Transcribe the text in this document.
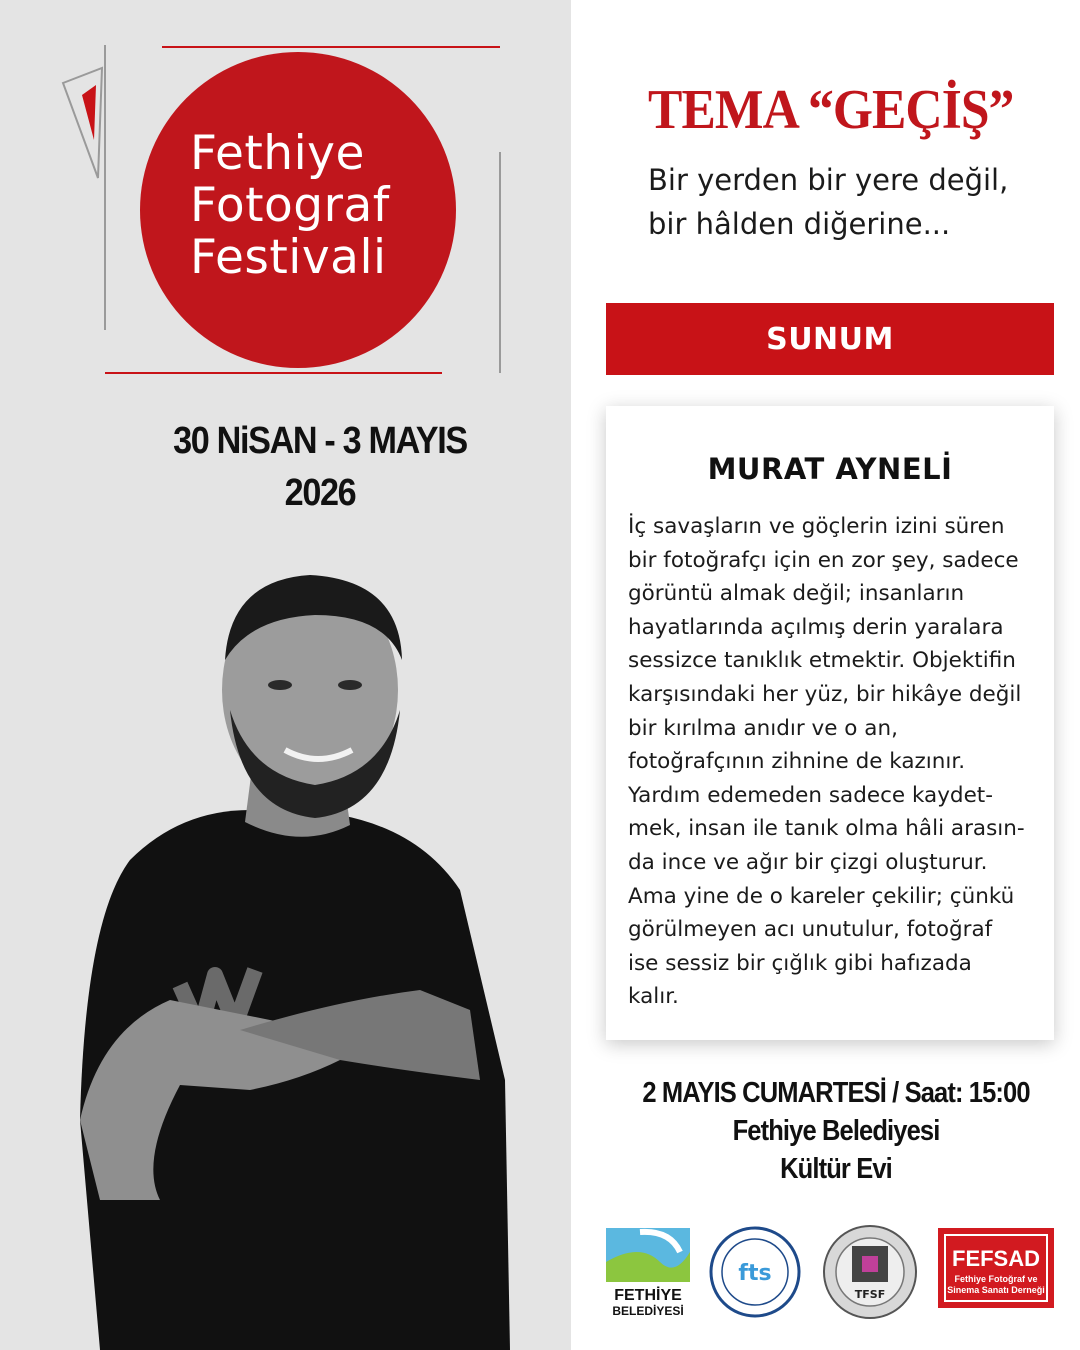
Fethiye
Fotograf
Festivali
30 NiSAN - 3 MAYIS
2026
TEMA “GEÇİŞ”
Bir yerden bir yere değil,
bir hâlden diğerine...
SUNUM
MURAT AYNELİ
İç savaşların ve göçlerin izini süren
bir fotoğrafçı için en zor şey, sadece
görüntü almak değil; insanların
hayatlarında açılmış derin yaralara
sessizce tanıklık etmektir. Objektifin
karşısındaki her yüz, bir hikâye değil
bir kırılma anıdır ve o an,
fotoğrafçının zihnine de kazınır.
Yardım edemeden sadece kaydet-
mek, insan ile tanık olma hâli arasın-
da ince ve ağır bir çizgi oluşturur.
Ama yine de o kareler çekilir; çünkü
görülmeyen acı unutulur, fotoğraf
ise sessiz bir çığlık gibi hafızada
kalır.
2 MAYIS CUMARTESİ / Saat: 15:00
Fethiye Belediyesi
Kültür Evi
FETHİYE
BELEDİYESİ
fts
TFSF
FEFSAD
Fethiye Fotoğraf ve
Sinema Sanatı Derneği
